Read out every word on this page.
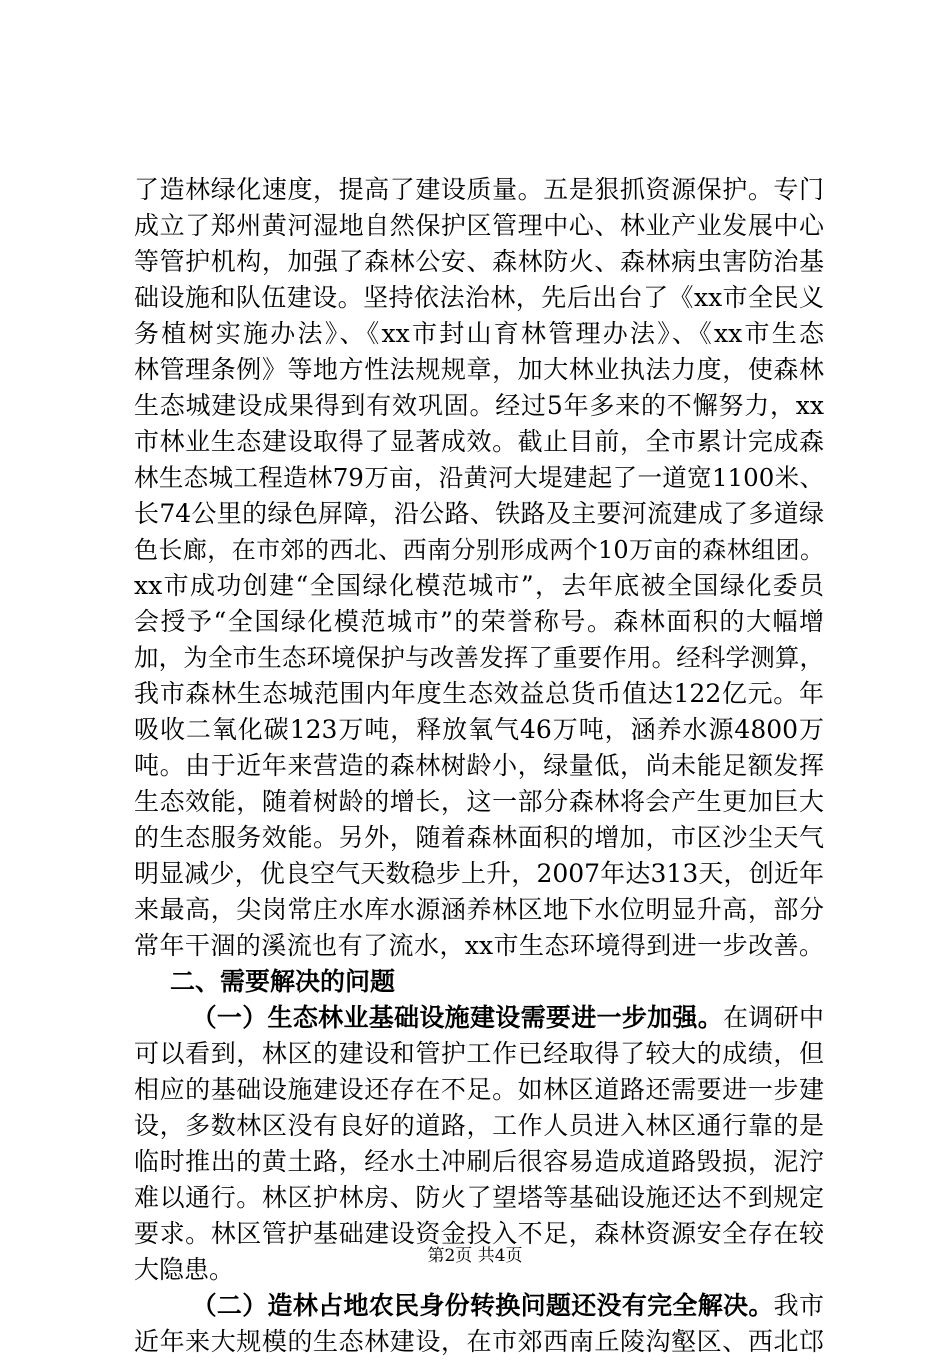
了造林绿化速度，提高了建设质量。五是狠抓资源保护。专门
成立了郑州黄河湿地自然保护区管理中心、林业产业发展中心
等管护机构，加强了森林公安、森林防火、森林病虫害防治基
础设施和队伍建设。坚持依法治林，先后出台了《xx市全民义
务植树实施办法》、《xx市封山育林管理办法》、《xx市生态
林管理条例》等地方性法规规章，加大林业执法力度，使森林
生态城建设成果得到有效巩固。经过5年多来的不懈努力，xx
市林业生态建设取得了显著成效。截止目前，全市累计完成森
林生态城工程造林79万亩，沿黄河大堤建起了一道宽1100米、
长74公里的绿色屏障，沿公路、铁路及主要河流建成了多道绿
色长廊，在市郊的西北、西南分别形成两个10万亩的森林组团。
xx市成功创建“全国绿化模范城市”，去年底被全国绿化委员
会授予“全国绿化模范城市”的荣誉称号。森林面积的大幅增
加，为全市生态环境保护与改善发挥了重要作用。经科学测算，
我市森林生态城范围内年度生态效益总货币值达122亿元。年
吸收二氧化碳123万吨，释放氧气46万吨，涵养水源4800万
吨。由于近年来营造的森林树龄小，绿量低，尚未能足额发挥
生态效能，随着树龄的增长，这一部分森林将会产生更加巨大
的生态服务效能。另外，随着森林面积的增加，市区沙尘天气
明显减少，优良空气天数稳步上升，2007年达313天，创近年
来最高，尖岗常庄水库水源涵养林区地下水位明显升高，部分
常年干涸的溪流也有了流水，xx市生态环境得到进一步改善。
二、需要解决的问题
（一）生态林业基础设施建设需要进一步加强。在调研中
可以看到，林区的建设和管护工作已经取得了较大的成绩，但
相应的基础设施建设还存在不足。如林区道路还需要进一步建
设，多数林区没有良好的道路，工作人员进入林区通行靠的是
临时推出的黄土路，经水土冲刷后很容易造成道路毁损，泥泞
难以通行。林区护林房、防火了望塔等基础设施还达不到规定
要求。林区管护基础建设资金投入不足，森林资源安全存在较
大隐患。
（二）造林占地农民身份转换问题还没有完全解决。我市
近年来大规模的生态林建设，在市郊西南丘陵沟壑区、西北邙
第2页 共4页
